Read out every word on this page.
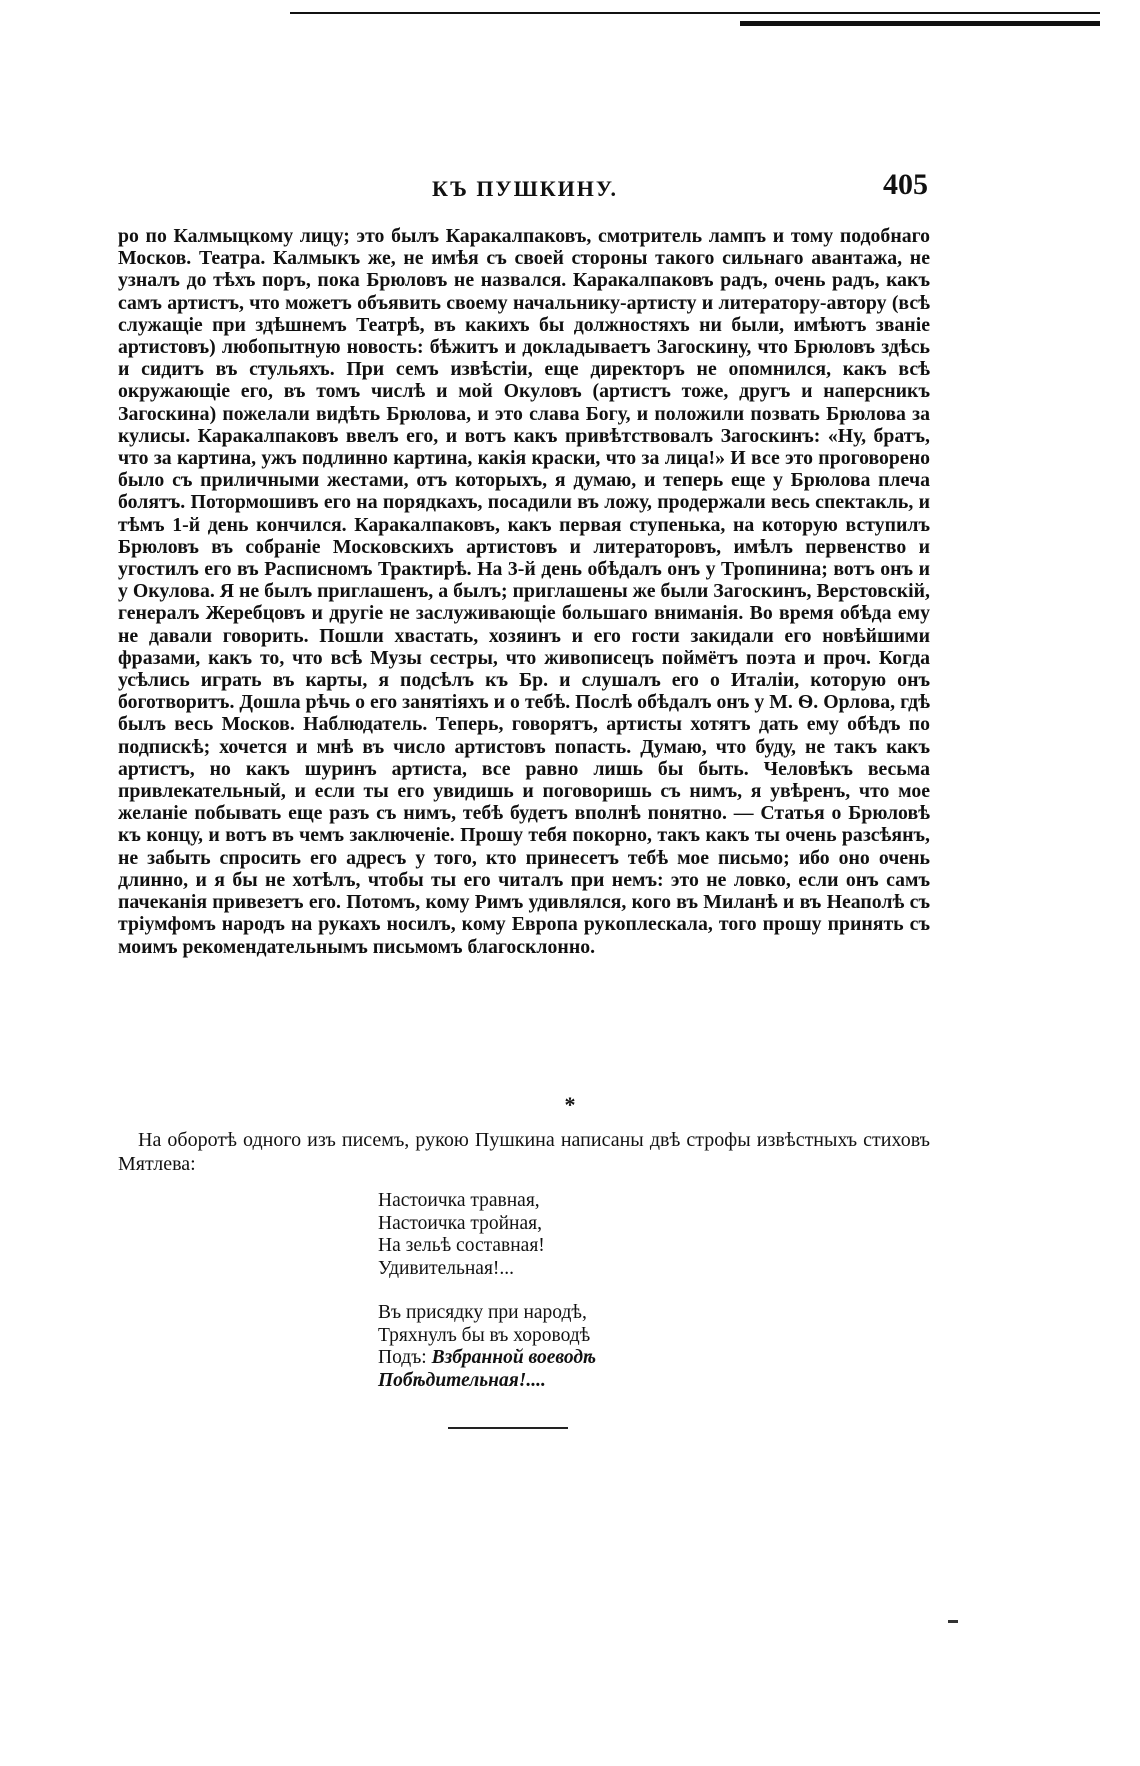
КЪ ПУШКИНУ.	405

ро по Калмыцкому лицу; это былъ Каракалпаковъ, смотритель лампъ и тому подобнаго Москов. Театра. Калмыкъ же, не имѣя съ своей стороны такого сильнаго авантажа, не узналъ до тѣхъ поръ, пока Брюловъ не назвался. Каракалпаковъ радъ, очень радъ, какъ самъ артистъ, что можетъ объявить своему начальнику-артисту и литератору-автору (всѣ служащіе при здѣшнемъ Театрѣ, въ какихъ бы должностяхъ ни были, имѣютъ званіе артистовъ) любопытную новость: бѣжитъ и докладываетъ Загоскину, что Брюловъ здѣсь и сидитъ въ стульяхъ. При семъ извѣстіи, еще директоръ не опомнился, какъ всѣ окружающіе его, въ томъ числѣ и мой Окуловъ (артистъ тоже, другъ и наперсникъ Загоскина) пожелали видѣть Брюлова, и это слава Богу, и положили позвать Брюлова за кулисы. Каракалпаковъ ввелъ его, и вотъ какъ привѣтствовалъ Загоскинъ: «Ну, братъ, что за картина, ужъ подлинно картина, какія краски, что за лица!» И все это проговорено было съ приличными жестами, отъ которыхъ, я думаю, и теперь еще у Брюлова плеча болятъ. Потормошивъ его на порядкахъ, посадили въ ложу, продержали весь спектакль, и тѣмъ 1-й день кончился. Каракалпаковъ, какъ первая ступенька, на которую вступилъ Брюловъ въ собраніе Московскихъ артистовъ и литераторовъ, имѣлъ первенство и угостилъ его въ Расписномъ Трактирѣ. На 3-й день обѣдалъ онъ у Тропинина; вотъ онъ и у Окулова. Я не былъ приглашенъ, а былъ; приглашены же были Загоскинъ, Верстовскій, генералъ Жеребцовъ и другіе не заслуживающіе большаго вниманія. Во время обѣда ему не давали говорить. Пошли хвастать, хозяинъ и его гости закидали его новѣйшими фразами, какъ то, что всѣ Музы сестры, что живописецъ поймётъ поэта и проч. Когда усѣлись играть въ карты, я подсѣлъ къ Бр. и слушалъ его о Италіи, которую онъ боготворитъ. Дошла рѣчь о его занятіяхъ и о тебѣ. Послѣ обѣдалъ онъ у М. Ѳ. Орлова, гдѣ былъ весь Москов. Наблюдатель. Теперь, говорятъ, артисты хотятъ дать ему обѣдъ по подпискѣ; хочется и мнѣ въ число артистовъ попасть. Думаю, что буду, не такъ какъ артистъ, но какъ шуринъ артиста, все равно лишь бы быть. Человѣкъ весьма привлекательный, и если ты его увидишь и поговоришь съ нимъ, я увѣренъ, что мое желаніе побывать еще разъ съ нимъ, тебѣ будетъ вполнѣ понятно. — Статья о Брюловѣ къ концу, и вотъ въ чемъ заключеніе. Прошу тебя покорно, такъ какъ ты очень разсѣянъ, не забыть спросить его адресъ у того, кто принесетъ тебѣ мое письмо; ибо оно очень длинно, и я бы не хотѣлъ, чтобы ты его читалъ при немъ: это не ловко, если онъ самъ пачеканія привезетъ его. Потомъ, кому Римъ удивлялся, кого въ Миланѣ и въ Неаполѣ съ тріумфомъ народъ на рукахъ носилъ, кому Европа рукоплескала, того прошу принять съ моимъ рекомендательнымъ письмомъ благосклонно.

*

На оборотѣ одного изъ писемъ, рукою Пушкина написаны двѣ строфы извѣстныхъ стиховъ Мятлева:

Настоичка травная,
Настоичка тройная,
На зельѣ составная!
Удивительная!...
Въ присядку при народѣ,
Тряхнулъ бы въ хороводѣ
Подъ: Взбранной воеводѣ
Побѣдительная!....
